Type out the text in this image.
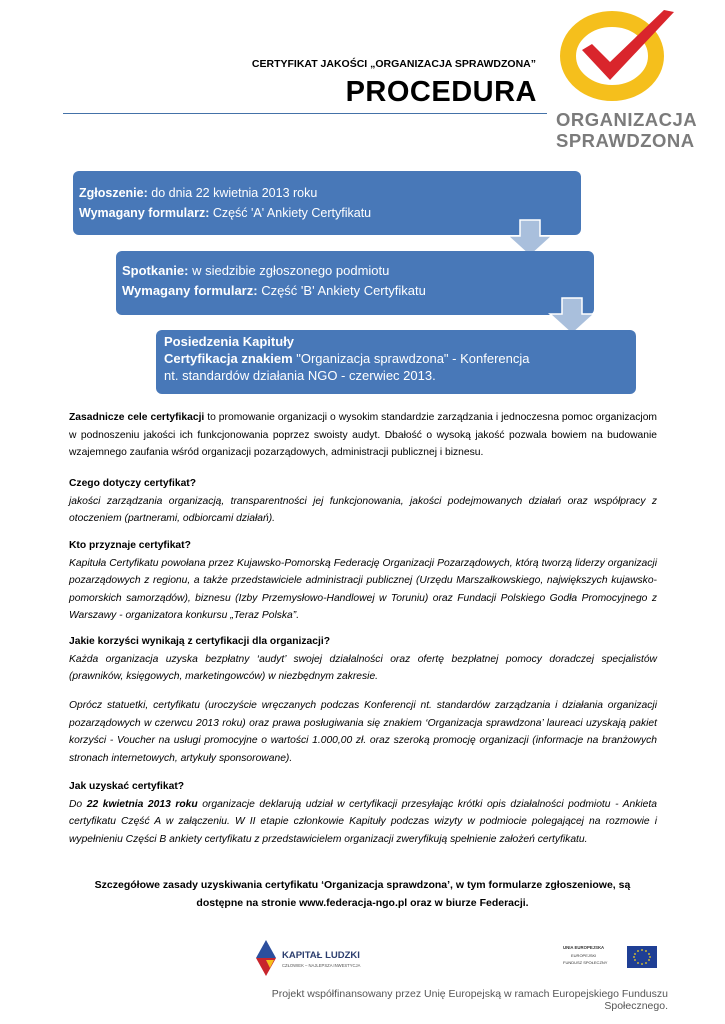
CERTYFIKAT JAKOŚCI „ORGANIZACJA SPRAWDZONA”
PROCEDURA
ORGANIZACJA
SPRAWDZONA
Zgłoszenie: do dnia 22 kwietnia 2013 roku
Wymagany formularz: Część 'A' Ankiety Certyfikatu
Spotkanie: w siedzibie zgłoszonego podmiotu
Wymagany formularz: Część 'B' Ankiety Certyfikatu
Posiedzenia Kapituły
Certyfikacja znakiem "Organizacja sprawdzona" - Konferencja
nt. standardów działania NGO - czerwiec 2013.
Zasadnicze cele certyfikacji to promowanie organizacji o wysokim standardzie zarządzania i jednoczesna pomoc organizacjom w podnoszeniu jakości ich funkcjonowania poprzez swoisty audyt. Dbałość o wysoką jakość pozwala bowiem na budowanie wzajemnego zaufania wśród organizacji pozarządowych, administracji publicznej i biznesu.
Czego dotyczy certyfikat?
jakości zarządzania organizacją, transparentności jej funkcjonowania, jakości podejmowanych działań oraz współpracy z otoczeniem (partnerami, odbiorcami działań).
Kto przyznaje certyfikat?
Kapituła Certyfikatu powołana przez Kujawsko-Pomorską Federację Organizacji Pozarządowych, którą tworzą liderzy organizacji pozarządowych z regionu, a także przedstawiciele administracji publicznej (Urzędu Marszałkowskiego, największych kujawsko-pomorskich samorządów), biznesu (Izby Przemysłowo-Handlowej w Toruniu) oraz Fundacji Polskiego Godła Promocyjnego z Warszawy - organizatora konkursu „Teraz Polska”.
Jakie korzyści wynikają z certyfikacji dla organizacji?
Każda organizacja uzyska bezpłatny ‘audyt’ swojej działalności oraz ofertę bezpłatnej pomocy doradczej specjalistów (prawników, księgowych, marketingowców) w niezbędnym zakresie.
Oprócz statuetki, certyfikatu (uroczyście wręczanych podczas Konferencji nt. standardów zarządzania i działania organizacji pozarządowych w czerwcu 2013 roku) oraz prawa posługiwania się znakiem ‘Organizacja sprawdzona’ laureaci uzyskają pakiet korzyści - Voucher na usługi promocyjne o wartości 1.000,00 zł. oraz szeroką promocję organizacji (informacje na branżowych stronach internetowych, artykuły sponsorowane).
Jak uzyskać certyfikat?
Do 22 kwietnia 2013 roku organizacje deklarują udział w certyfikacji przesyłając krótki opis działalności podmiotu - Ankieta certyfikatu Część A w załączeniu. W II etapie członkowie Kapituły podczas wizyty w podmiocie polegającej na rozmowie i wypełnieniu Części B ankiety certyfikatu z przedstawicielem organizacji zweryfikują spełnienie założeń certyfikatu.
Szczegółowe zasady uzyskiwania certyfikatu ‘Organizacja sprawdzona’, w tym formularze zgłoszeniowe, są dostępne na stronie www.federacja-ngo.pl oraz w biurze Federacji.
KAPITAŁ LUDZKI
CZŁOWIEK – NAJLEPSZA INWESTYCJA
UNIA EUROPEJSKA
EUROPEJSKI
FUNDUSZ SPOŁECZNY
Projekt współfinansowany przez Unię Europejską w ramach Europejskiego Funduszu Społecznego.
